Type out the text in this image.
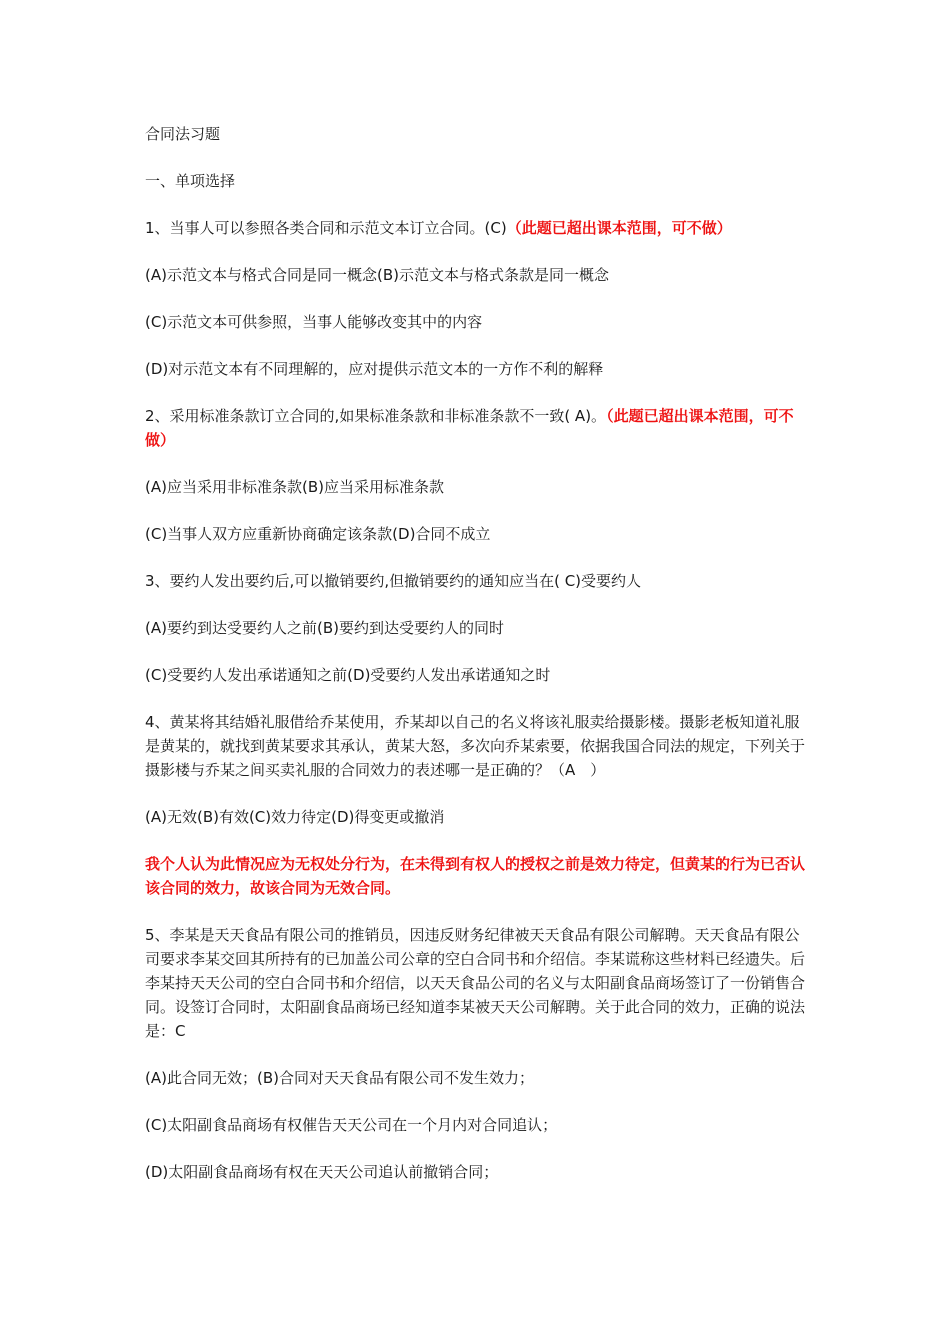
合同法习题

一、单项选择

1、当事人可以参照各类合同和示范文本订立合同。(C)（此题已超出课本范围，可不做）

(A)示范文本与格式合同是同一概念(B)示范文本与格式条款是同一概念

(C)示范文本可供参照，当事人能够改变其中的内容

(D)对示范文本有不同理解的，应对提供示范文本的一方作不利的解释

2、采用标准条款订立合同的,如果标准条款和非标准条款不一致( A)。（此题已超出课本范围，可不做）

(A)应当采用非标准条款(B)应当采用标准条款

(C)当事人双方应重新协商确定该条款(D)合同不成立

3、要约人发出要约后,可以撤销要约,但撤销要约的通知应当在( C)受要约人

(A)要约到达受要约人之前(B)要约到达受要约人的同时

(C)受要约人发出承诺通知之前(D)受要约人发出承诺通知之时

4、黄某将其结婚礼服借给乔某使用，乔某却以自己的名义将该礼服卖给摄影楼。摄影老板知道礼服是黄某的，就找到黄某要求其承认，黄某大怒，多次向乔某索要，依据我国合同法的规定，下列关于摄影楼与乔某之间买卖礼服的合同效力的表述哪一是正确的？（A　）

(A)无效(B)有效(C)效力待定(D)得变更或撤消

我个人认为此情况应为无权处分行为，在未得到有权人的授权之前是效力待定，但黄某的行为已否认该合同的效力，故该合同为无效合同。

5、李某是天天食品有限公司的推销员，因违反财务纪律被天天食品有限公司解聘。天天食品有限公司要求李某交回其所持有的已加盖公司公章的空白合同书和介绍信。李某谎称这些材料已经遗失。后李某持天天公司的空白合同书和介绍信，以天天食品公司的名义与太阳副食品商场签订了一份销售合同。设签订合同时，太阳副食品商场已经知道李某被天天公司解聘。关于此合同的效力，正确的说法是：C

(A)此合同无效；(B)合同对天天食品有限公司不发生效力；

(C)太阳副食品商场有权催告天天公司在一个月内对合同追认；

(D)太阳副食品商场有权在天天公司追认前撤销合同；
